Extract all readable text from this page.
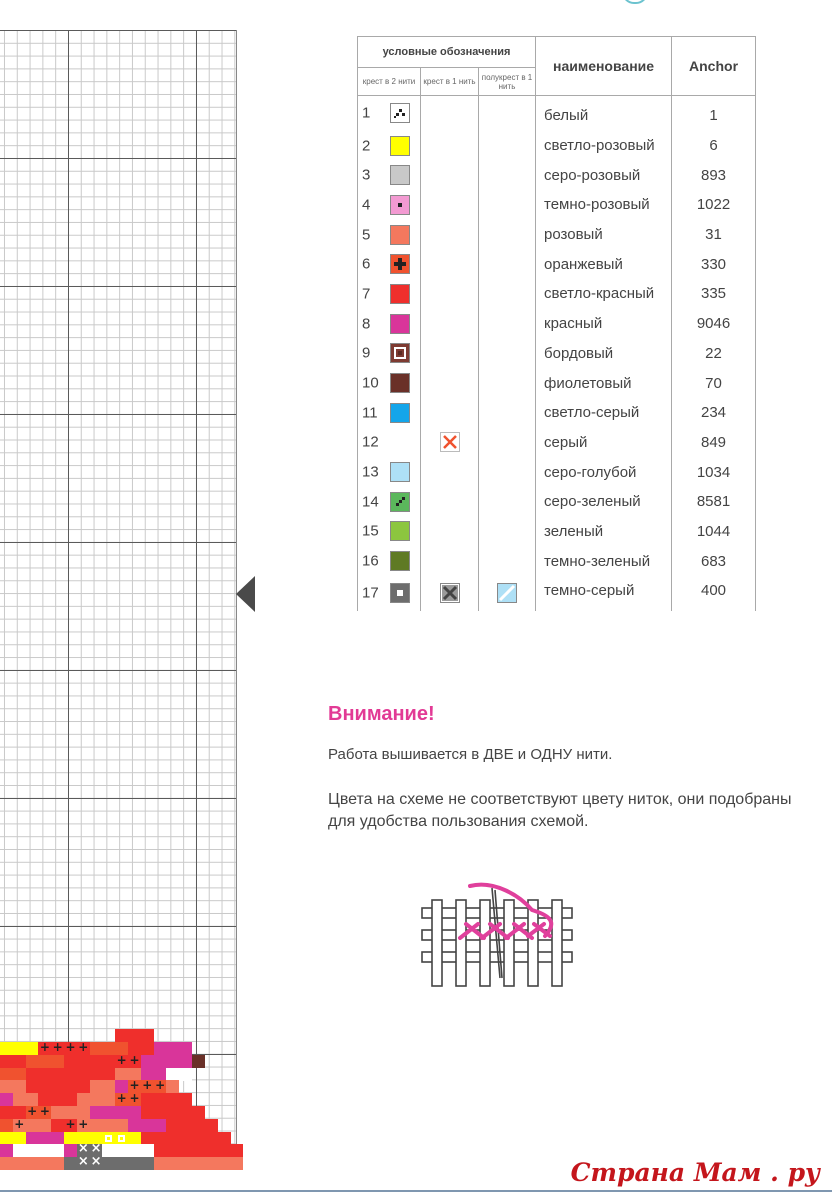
+
+
+
+
+
+
+
+
+
+
+
+
+
+
+
+
×
×
×
×
×
условные обозначения			наименование	Anchor
крест в 2 нити	крест в 1 нить	полукрест в 1 нить		

1			белый	1

2			светло-розовый	6

3			серо-розовый	893

4			темно-розовый	1022

5			розовый	31

6			оранжевый	330

7			светло-красный	335

8			красный	9046

9			бордовый	22

10			фиолетовый	70

11			светло-серый	234

12			серый	849

13			серо-голубой	1034

14			серо-зеленый	8581

15			зеленый	1044

16			темно-зеленый	683

17			темно-серый	400
Внимание!
Работа вышивается в ДВЕ и ОДНУ нити.
Цвета на схеме не соответствуют цвету ниток, они подобраны для удобства пользования схемой.
Страна Мам . ру
